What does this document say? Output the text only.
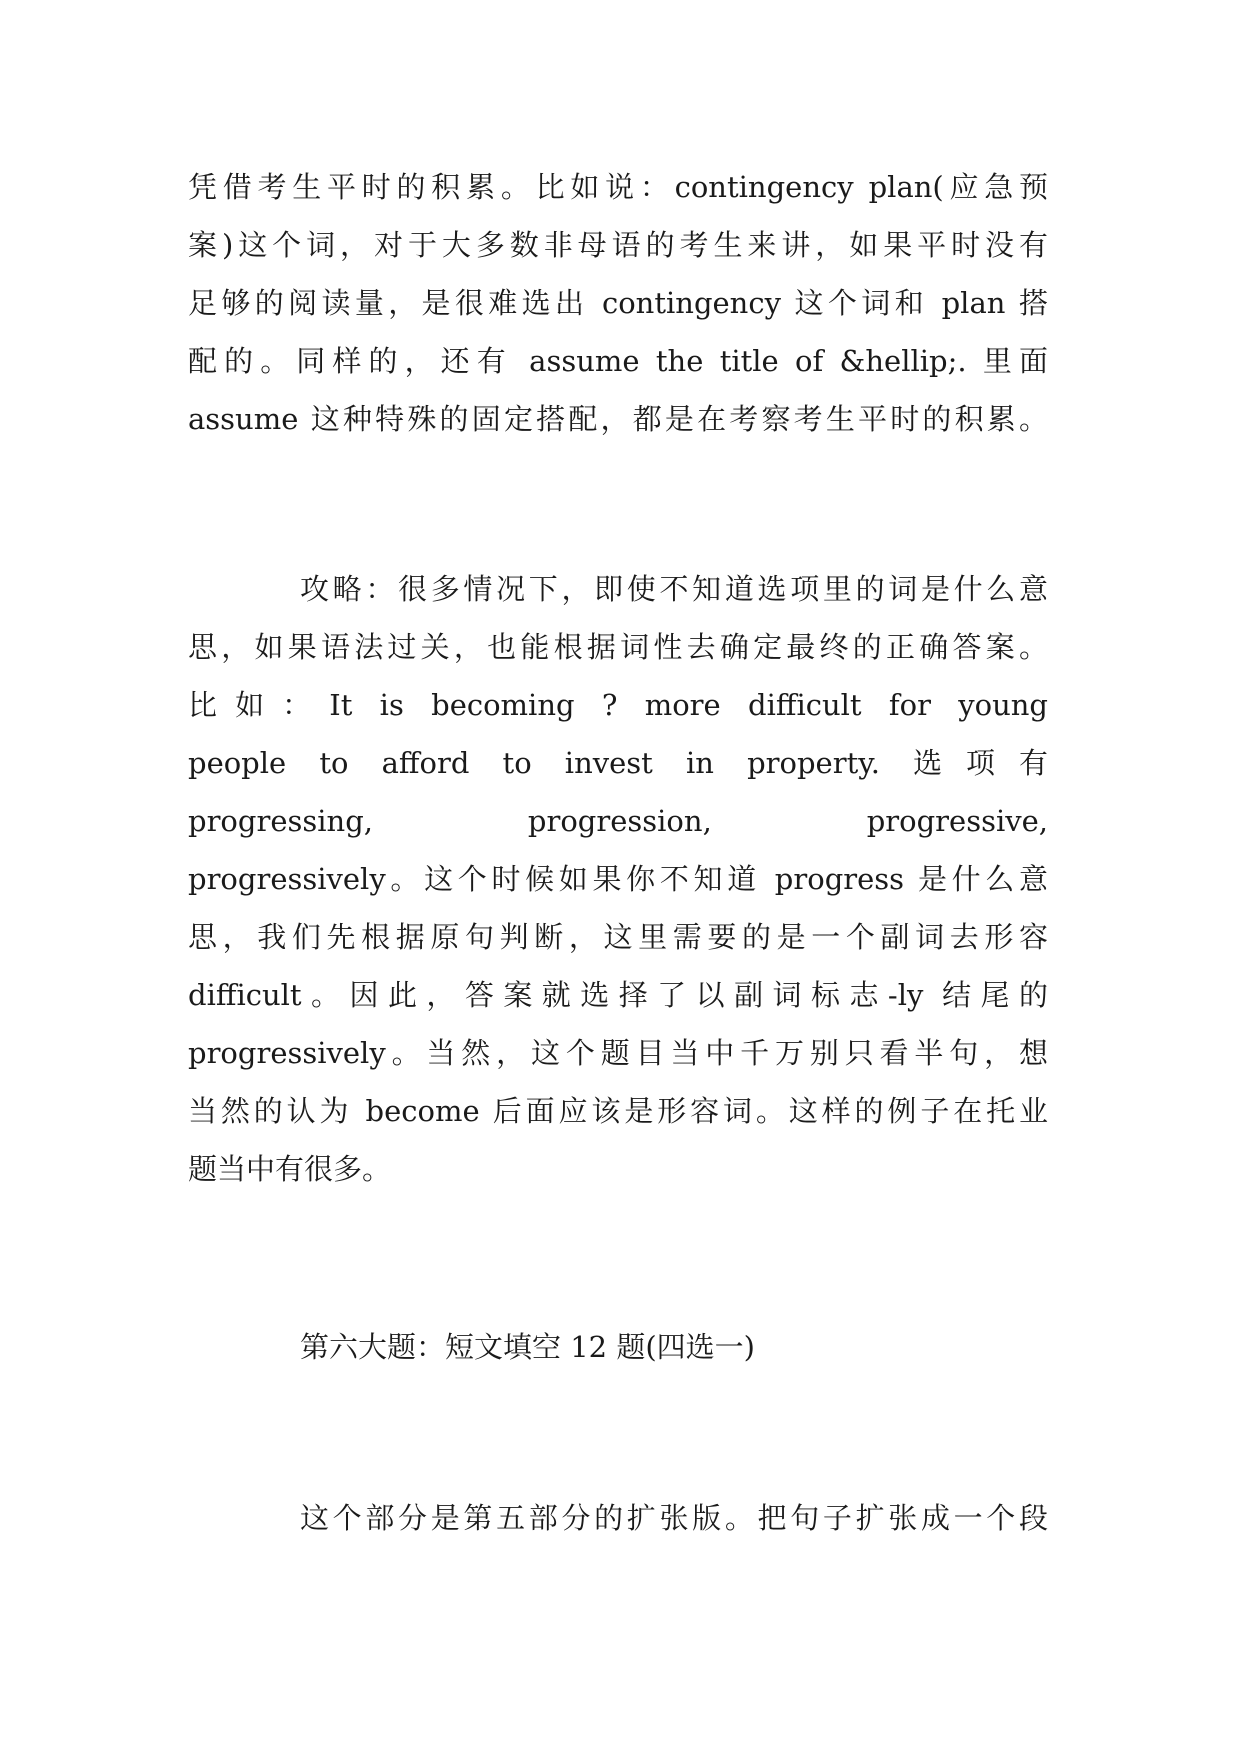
凭借考生平时的积累。比如说：contingency plan(应急预
案)这个词，对于大多数非母语的考生来讲，如果平时没有
足够的阅读量，是很难选出 contingency 这个词和 plan 搭
配的。同样的，还有 assume the title of &hellip;. 里面
assume 这种特殊的固定搭配，都是在考察考生平时的积累。
攻略：很多情况下，即使不知道选项里的词是什么意
思，如果语法过关，也能根据词性去确定最终的正确答案。
比如：It is becoming ? more difficult for young
people to afford to invest in property. 选项有
progressing, progression, progressive,
progressively。这个时候如果你不知道 progress 是什么意
思，我们先根据原句判断，这里需要的是一个副词去形容
difficult。因此，答案就选择了以副词标志-ly 结尾的
progressively。当然，这个题目当中千万别只看半句，想
当然的认为 become 后面应该是形容词。这样的例子在托业
题当中有很多。
第六大题：短文填空 12 题(四选一)
这个部分是第五部分的扩张版。把句子扩张成一个段
